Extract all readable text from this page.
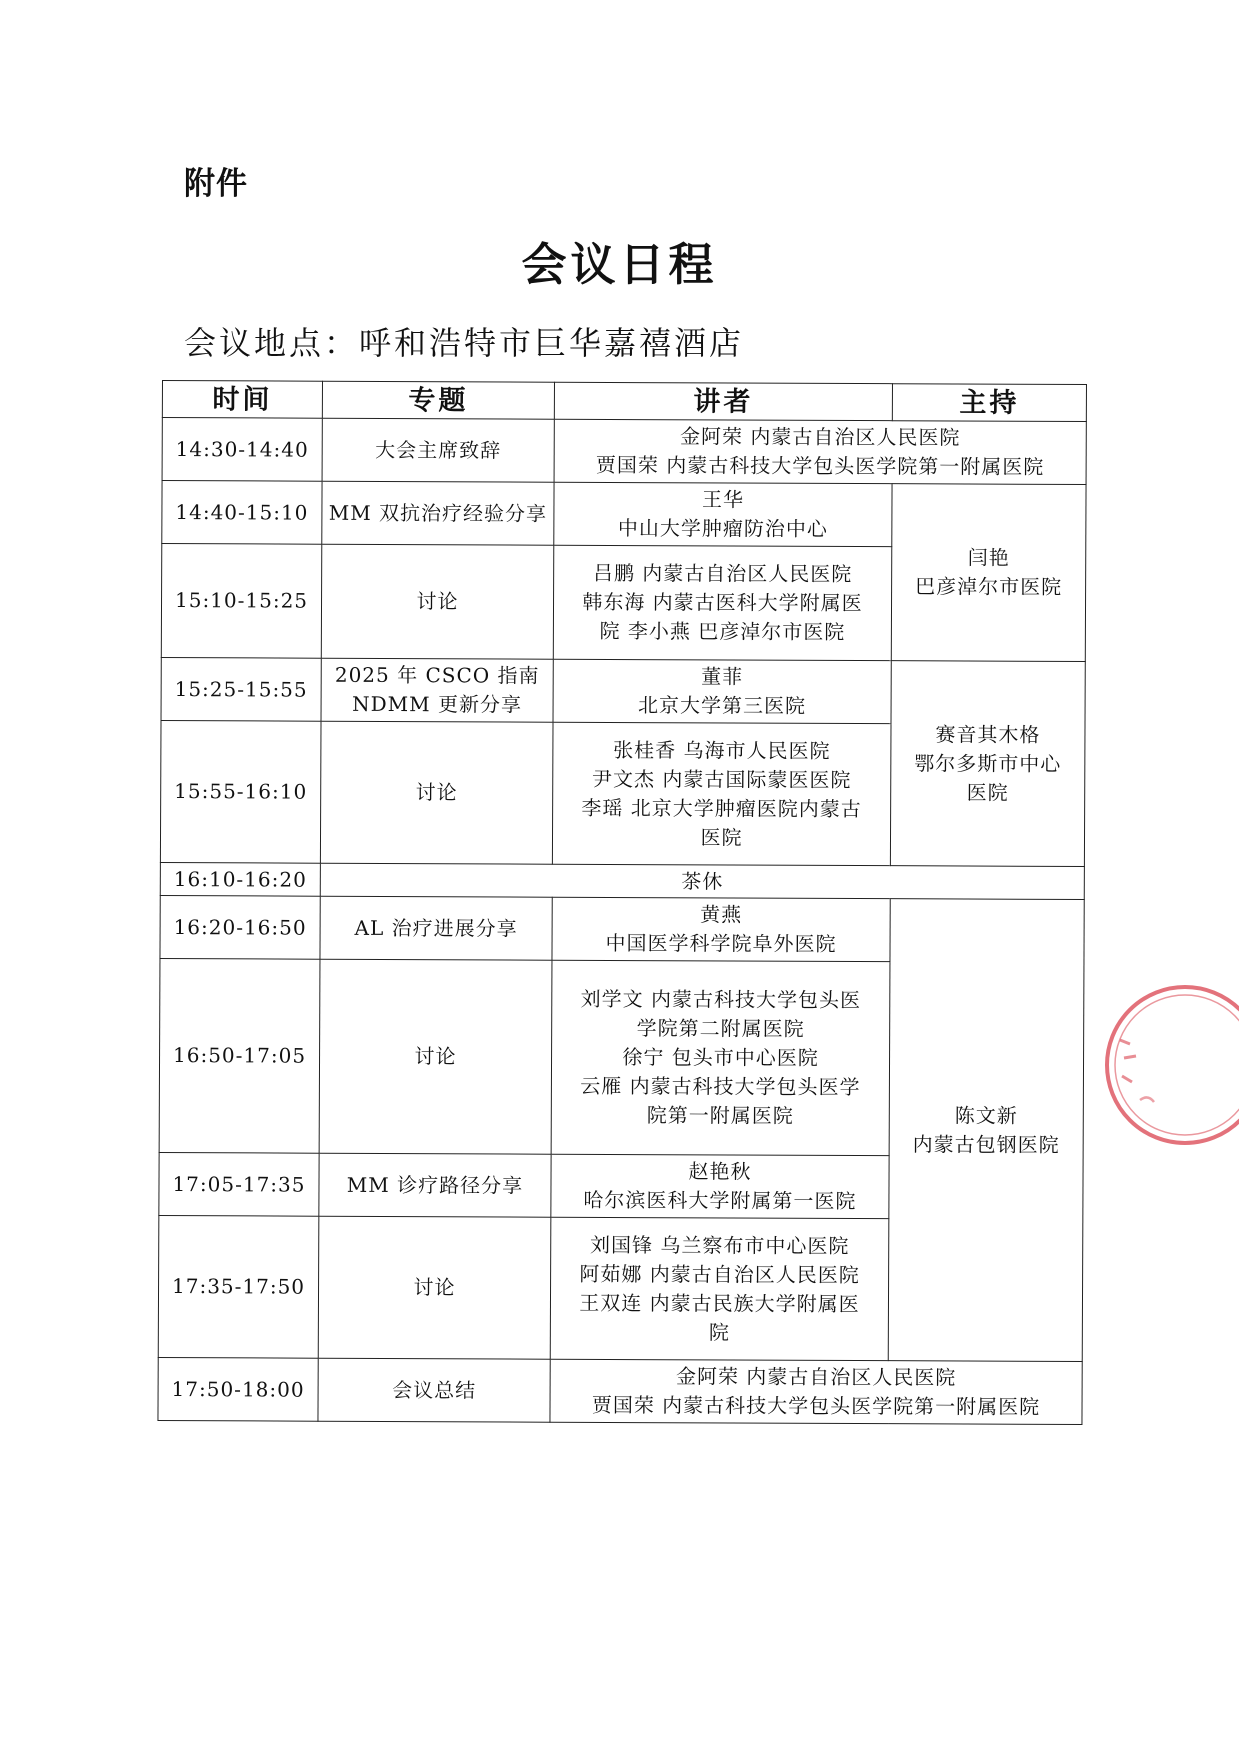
附件
会议日程
会议地点：呼和浩特市巨华嘉禧酒店
时间	专题	讲者	主持
14:30-14:40	大会主席致辞	金阿荣 内蒙古自治区人民医院
贾国荣 内蒙古科技大学包头医学院第一附属医院	

14:40-15:10	MM 双抗治疗经验分享	王华
中山大学肿瘤防治中心	闫艳
巴彦淖尔市医院

15:10-15:25	讨论	吕鹏 内蒙古自治区人民医院
韩东海 内蒙古医科大学附属医
院 李小燕 巴彦淖尔市医院	

15:25-15:55	2025 年 CSCO 指南
NDMM 更新分享	董菲
北京大学第三医院	赛音其木格
鄂尔多斯市中心
医院

15:55-16:10	讨论	张桂香 乌海市人民医院
尹文杰 内蒙古国际蒙医医院
李瑶 北京大学肿瘤医院内蒙古
医院	

16:10-16:20	茶休		
16:20-16:50	AL 治疗进展分享	黄燕
中国医学科学院阜外医院	陈文新
内蒙古包钢医院

16:50-17:05	讨论	刘学文 内蒙古科技大学包头医
学院第二附属医院
徐宁 包头市中心医院
云雁 内蒙古科技大学包头医学
院第一附属医院	

17:05-17:35	MM 诊疗路径分享	赵艳秋
哈尔滨医科大学附属第一医院	

17:35-17:50	讨论	刘国锋 乌兰察布市中心医院
阿茹娜 内蒙古自治区人民医院
王双连 内蒙古民族大学附属医
院	

17:50-18:00	会议总结	金阿荣 内蒙古自治区人民医院
贾国荣 内蒙古科技大学包头医学院第一附属医院	
